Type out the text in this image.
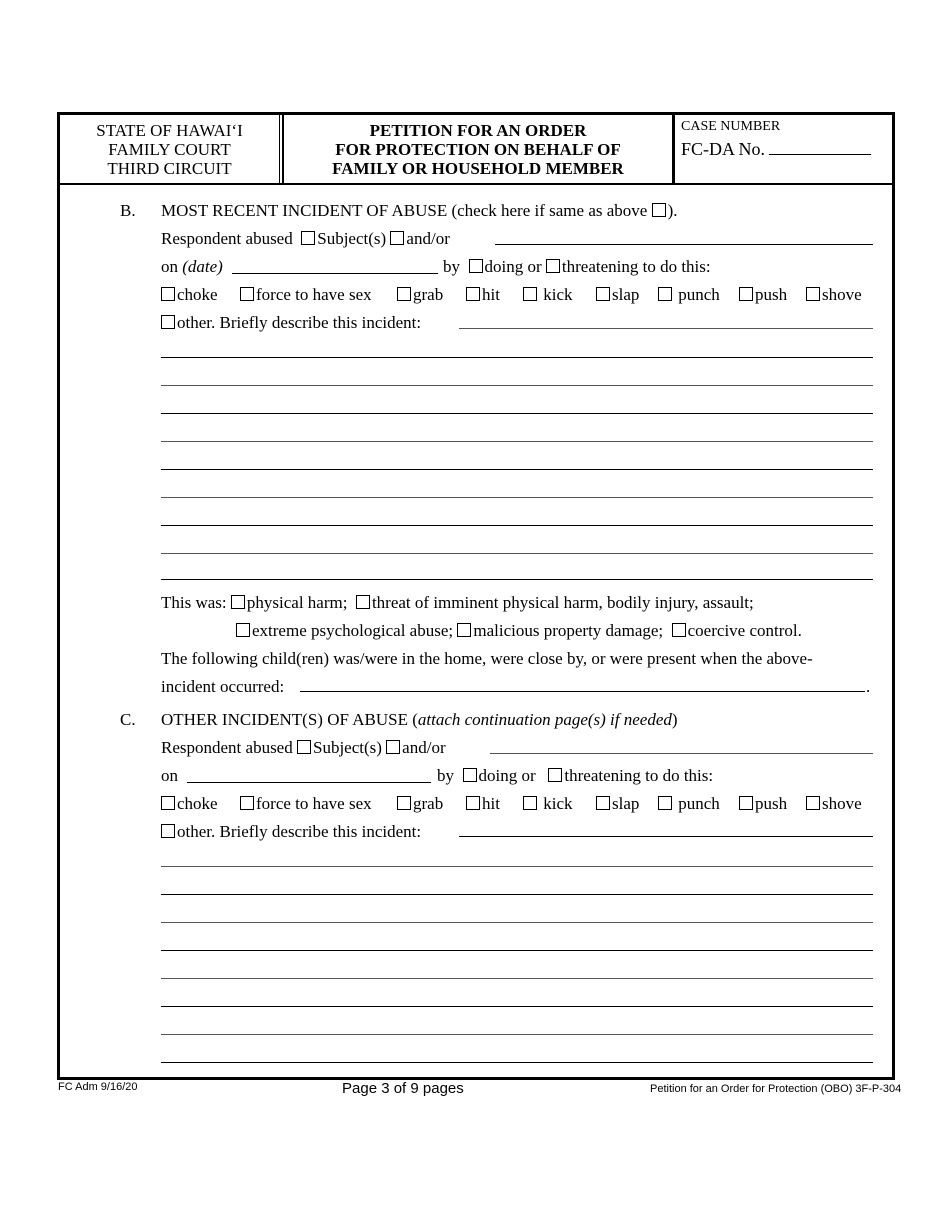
STATE OF HAWAI‘I
FAMILY COURT
THIRD CIRCUIT
PETITION FOR AN ORDER
FOR PROTECTION ON BEHALF OF
FAMILY OR HOUSEHOLD MEMBER
CASE NUMBER
FC-DA No.
B. MOST RECENT INCIDENT OF ABUSE (check here if same as above ).
Respondent abused Subject(s) and/or
on (date)	by doing or threatening to do this:
choke	force to have sex	grab	hit	kick	slap	punch	push	shove
other. Briefly describe this incident:
This was: physical harm; threat of imminent physical harm, bodily injury, assault;
extreme psychological abuse; malicious property damage; coercive control.
The following child(ren) was/were in the home, were close by, or were present when the above-
incident occurred:	.
C. OTHER INCIDENT(S) OF ABUSE (attach continuation page(s) if needed)
Respondent abused Subject(s) and/or
on	by doing or threatening to do this:
choke	force to have sex	grab	hit	kick	slap	punch	push	shove
other. Briefly describe this incident:
FC Adm 9/16/20	Page 3 of 9 pages	Petition for an Order for Protection (OBO) 3F-P-304
